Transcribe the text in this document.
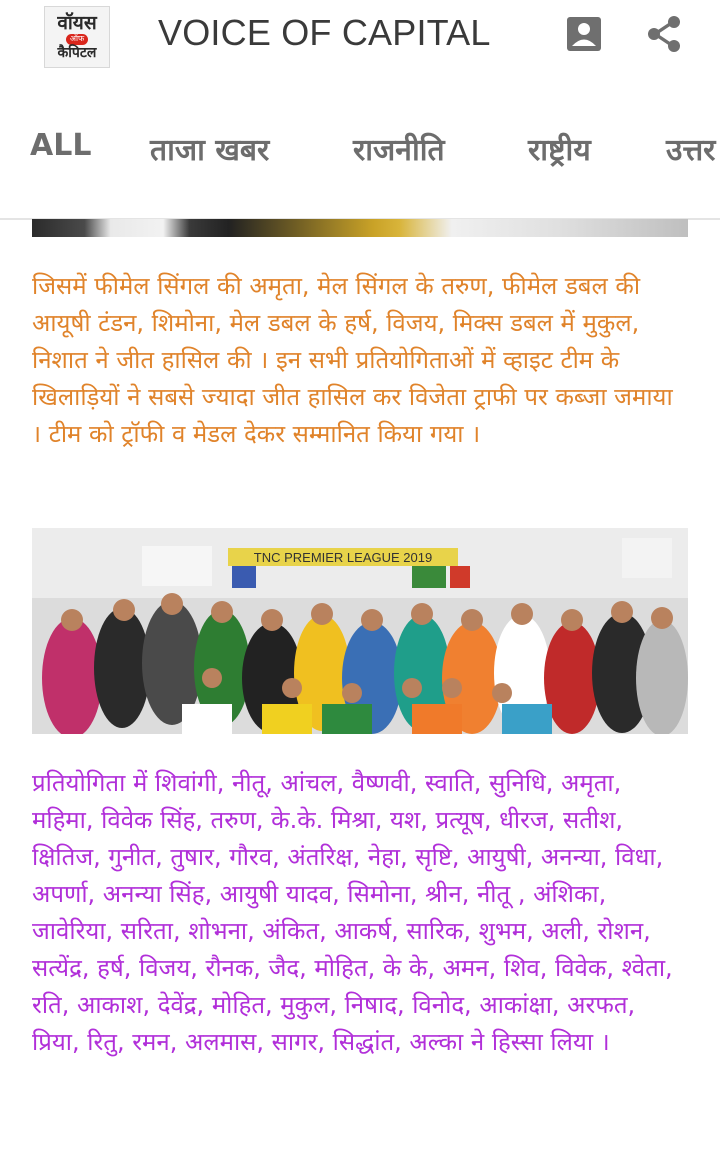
वॉयस
ऑफ
कैपिटल VOICE OF CAPITAL
ALL ताजा खबर	राजनीति	राष्ट्रीय	उत्तर

जिसमें फीमेल सिंगल की अमृता, मेल सिंगल के तरुण, फीमेल डबल की आयूषी टंडन, शिमोना, मेल डबल के हर्ष, विजय, मिक्स डबल में मुकुल, निशात ने जीत हासिल की । इन सभी प्रतियोगिताओं में व्हाइट टीम के खिलाड़ियों ने सबसे ज्यादा जीत हासिल कर विजेता ट्राफी पर कब्जा जमाया । टीम को ट्रॉफी व मेडल देकर सम्मानित किया गया ।

TNC PREMIER LEAGUE 2019

प्रतियोगिता में शिवांगी, नीतू, आंचल, वैष्णवी, स्वाति, सुनिधि, अमृता, महिमा, विवेक सिंह, तरुण, के.के. मिश्रा, यश, प्रत्यूष, धीरज, सतीश, क्षितिज, गुनीत, तुषार, गौरव, अंतरिक्ष, नेहा, सृष्टि, आयुषी, अनन्या, विधा, अपर्णा, अनन्या सिंह, आयुषी यादव, सिमोना, श्रीन, नीतू , अंशिका, जावेरिया, सरिता, शोभना, अंकित, आकर्ष, सारिक, शुभम, अली, रोशन, सत्येंद्र, हर्ष, विजय, रौनक, जैद, मोहित, के के, अमन, शिव, विवेक, श्वेता, रति, आकाश, देवेंद्र, मोहित, मुकुल, निषाद, विनोद, आकांक्षा, अरफत, प्रिया, रितु, रमन, अलमास, सागर, सिद्धांत, अल्का ने हिस्सा लिया ।
